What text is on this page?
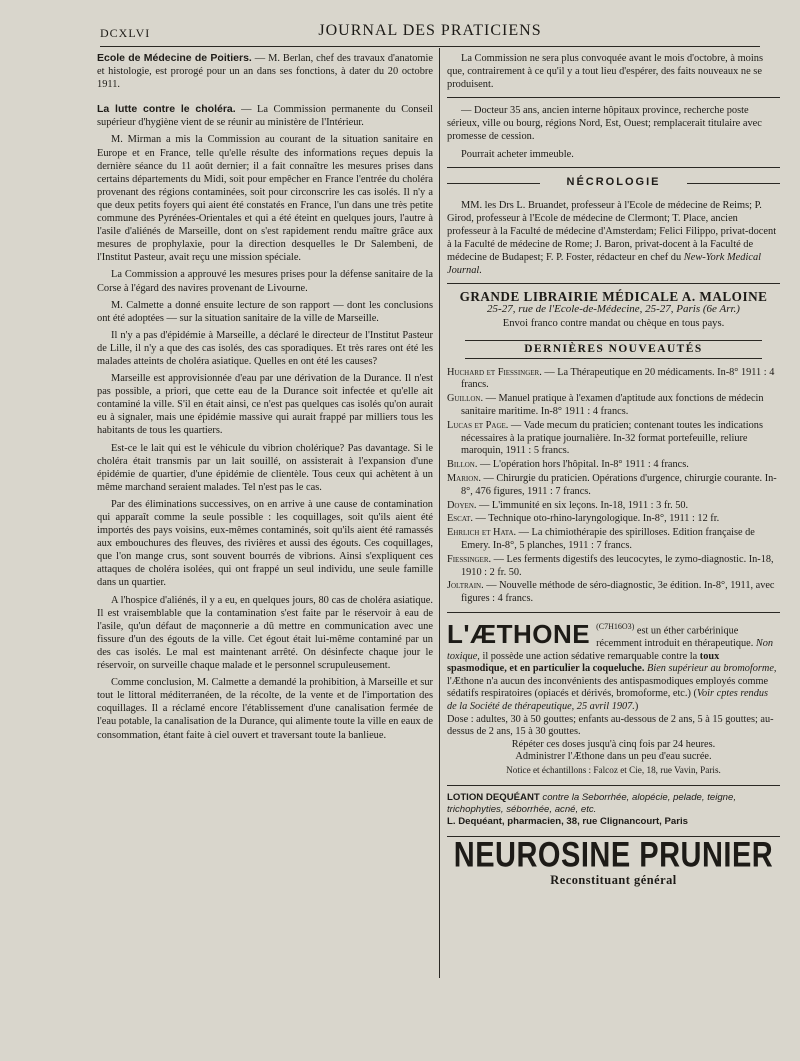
DCXLVI	JOURNAL DES PRATICIENS

Ecole de Médecine de Poitiers. — M. Berlan, chef des travaux d'anatomie et histologie, est prorogé pour un an dans ses fonctions, à dater du 20 octobre 1911.

La lutte contre le choléra. — La Commission permanente du Conseil supérieur d'hygiène vient de se réunir au ministère de l'Intérieur.

M. Mirman a mis la Commission au courant de la situation sanitaire en Europe et en France, telle qu'elle résulte des informations reçues depuis la dernière séance du 11 août dernier; il a fait connaître les mesures prises dans certains départements du Midi, soit pour empêcher en France l'entrée du choléra provenant des régions contaminées, soit pour circonscrire les cas isolés. Il n'y a que deux petits foyers qui aient été constatés en France, l'un dans une très petite commune des Pyrénées-Orientales et qui a été éteint en quelques jours, l'autre à l'asile d'aliénés de Marseille, dont on s'est rapidement rendu maître grâce aux mesures de prophylaxie, pour la direction desquelles le Dr Salembeni, de l'Institut Pasteur, avait reçu une mission spéciale.

La Commission a approuvé les mesures prises pour la défense sanitaire de la Corse à l'égard des navires provenant de Livourne.

M. Calmette a donné ensuite lecture de son rapport — dont les conclusions ont été adoptées — sur la situation sanitaire de la ville de Marseille.

Il n'y a pas d'épidémie à Marseille, a déclaré le directeur de l'Institut Pasteur de Lille, il n'y a que des cas isolés, des cas sporadiques. Et très rares ont été les malades atteints de choléra asiatique. Quelles en ont été les causes?

Marseille est approvisionnée d'eau par une dérivation de la Durance. Il n'est pas possible, a priori, que cette eau de la Durance soit infectée et qu'elle ait contaminé la ville. S'il en était ainsi, ce n'est pas quelques cas isolés qu'on aurait eu à signaler, mais une épidémie massive qui aurait frappé par milliers tous les habitants de tous les quartiers.

Est-ce le lait qui est le véhicule du vibrion cholérique? Pas davantage. Si le choléra était transmis par un lait souillé, on assisterait à l'expansion d'une épidémie de quartier, d'une épidémie de clientèle. Tous ceux qui achètent à un même marchand seraient malades. Tel n'est pas le cas.

Par des éliminations successives, on en arrive à une cause de contamination qui apparaît comme la seule possible : les coquillages, soit qu'ils aient été importés des pays voisins, eux-mêmes contaminés, soit qu'ils aient été ramassés aux embouchures des fleuves, des rivières et aussi des égouts. Ces coquillages, que l'on mange crus, sont souvent bourrés de vibrions. Ainsi s'expliquent ces attaques de choléra isolées, qui ont frappé un seul individu, une seule famille dans un quartier.

A l'hospice d'aliénés, il y a eu, en quelques jours, 80 cas de choléra asiatique. Il est vraisemblable que la contamination s'est faite par le réservoir à eau de l'asile, qu'un défaut de maçonnerie a dû mettre en communication avec une fissure d'un des égouts de la ville. Cet égout était lui-même contaminé par un des cas isolés. Le mal est maintenant arrêté. On désinfecte chaque jour le réservoir, on surveille chaque malade et le personnel scrupuleusement.

Comme conclusion, M. Calmette a demandé la prohibition, à Marseille et sur tout le littoral méditerranéen, de la récolte, de la vente et de l'importation des coquillages. Il a réclamé encore l'établissement d'une canalisation fermée de l'eau potable, la canalisation de la Durance, qui alimente toute la ville en eaux de consommation, étant faite à ciel ouvert et traversant toute la banlieue.

La Commission ne sera plus convoquée avant le mois d'octobre, à moins que, contrairement à ce qu'il y a tout lieu d'espérer, des faits nouveaux ne se produisent.

— Docteur 35 ans, ancien interne hôpitaux province, recherche poste sérieux, ville ou bourg, régions Nord, Est, Ouest; remplacerait titulaire avec promesse de cession.

Pourrait acheter immeuble.

NÉCROLOGIE

MM. les Drs L. Bruandet, professeur à l'Ecole de médecine de Reims; P. Girod, professeur à l'Ecole de médecine de Clermont; T. Place, ancien professeur à la Faculté de médecine d'Amsterdam; Felici Filippo, privat-docent à la Faculté de médecine de Rome; J. Baron, privat-docent à la Faculté de médecine de Budapest; F. P. Foster, rédacteur en chef du New-York Medical Journal.

GRANDE LIBRAIRIE MÉDICALE A. MALOINE
25-27, rue de l'Ecole-de-Médecine, 25-27, Paris (6e Arr.)
Envoi franco contre mandat ou chèque en tous pays.
DERNIÈRES NOUVEAUTÉS
Huchard et Fiessinger. — La Thérapeutique en 20 médicaments. In-8° 1911 : 4 francs.
Guillon. — Manuel pratique à l'examen d'aptitude aux fonctions de médecin sanitaire maritime. In-8° 1911 : 4 francs.
Lucas et Page. — Vade mecum du praticien; contenant toutes les indications nécessaires à la pratique journalière. In-32 format portefeuille, reliure maroquin, 1911 : 5 francs.
Billon. — L'opération hors l'hôpital. In-8° 1911 : 4 francs.
Marion. — Chirurgie du praticien. Opérations d'urgence, chirurgie courante. In-8°, 476 figures, 1911 : 7 francs.
Doyen. — L'immunité en six leçons. In-18, 1911 : 3 fr. 50.
Escat. — Technique oto-rhino-laryngologique. In-8°, 1911 : 12 fr.
Ehrlich et Hata. — La chimiothérapie des spirilloses. Edition française de Emery. In-8°, 5 planches, 1911 : 7 francs.
Fiessinger. — Les ferments digestifs des leucocytes, le zymo-diagnostic. In-18, 1910 : 2 fr. 50.
Joltrain. — Nouvelle méthode de séro-diagnostic, 3e édition. In-8°, 1911, avec figures : 4 francs.
L'ÆTHONE $^{(C7H16O3)}$ est un éther carbérinique récemment introduit en thérapeutique. Non toxique, il possède une action sédative remarquable contre la toux spasmodique, et en particulier la coqueluche. Bien supérieur au bromoforme, l'Æthone n'a aucun des inconvénients des antispasmodiques employés comme sédatifs respiratoires (opiacés et dérivés, bromoforme, etc.) (Voir cptes rendus de la Société de thérapeutique, 25 avril 1907.)
Dose : adultes, 30 à 50 gouttes; enfants au-dessous de 2 ans, 5 à 15 gouttes; au-dessus de 2 ans, 15 à 30 gouttes.
Répéter ces doses jusqu'à cinq fois par 24 heures.
Administrer l'Æthone dans un peu d'eau sucrée.
Notice et échantillons : Falcoz et Cie, 18, rue Vavin, Paris.
LOTION DEQUÉANT contre la Seborrhée, alopécie, pelade, teigne, trichophyties, séborrhée, acné, etc.
L. Dequéant, pharmacien, 38, rue Clignancourt, Paris
NEUROSINE PRUNIER
Reconstituant général
